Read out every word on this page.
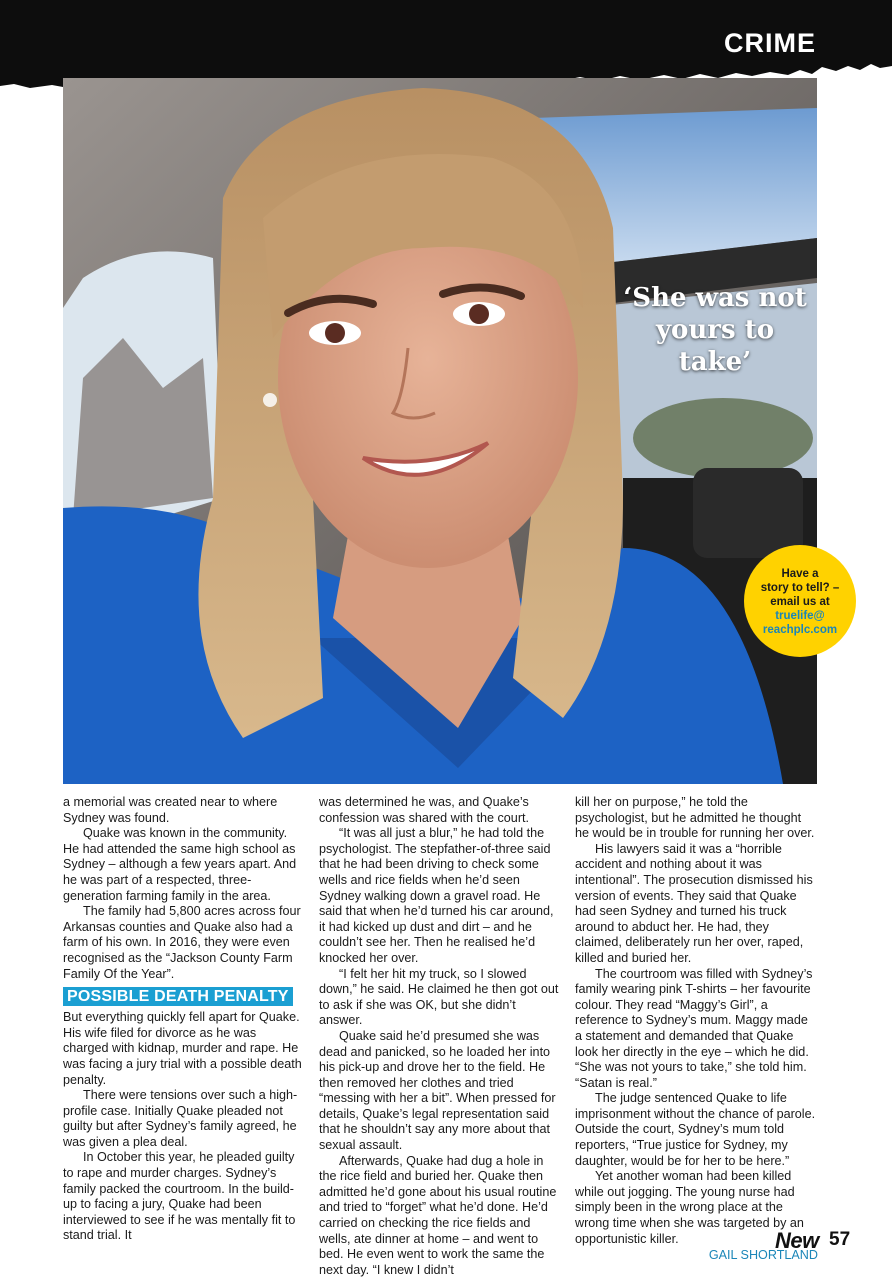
CRIME
‘She was not yours to take’
Have a
story to tell? –
email us at
truelife@
reachplc.com

a memorial was created near to where Sydney was found.

Quake was known in the community. He had attended the same high school as Sydney – although a few years apart. And he was part of a respected, three-generation farming family in the area.

The family had 5,800 acres across four Arkansas counties and Quake also had a farm of his own. In 2016, they were even recognised as the “Jackson County Farm Family Of the Year”.

POSSIBLE DEATH PENALTY

But everything quickly fell apart for Quake. His wife filed for divorce as he was charged with kidnap, murder and rape. He was facing a jury trial with a possible death penalty.

There were tensions over such a high-profile case. Initially Quake pleaded not guilty but after Sydney’s family agreed, he was given a plea deal.

In October this year, he pleaded guilty to rape and murder charges. Sydney’s family packed the courtroom. In the build-up to facing a jury, Quake had been interviewed to see if he was mentally fit to stand trial. It

was determined he was, and Quake’s confession was shared with the court.

“It was all just a blur,” he had told the psychologist. The stepfather-of-three said that he had been driving to check some wells and rice fields when he’d seen Sydney walking down a gravel road. He said that when he’d turned his car around, it had kicked up dust and dirt – and he couldn’t see her. Then he realised he’d knocked her over.

“I felt her hit my truck, so I slowed down,” he said. He claimed he then got out to ask if she was OK, but she didn’t answer.

Quake said he’d presumed she was dead and panicked, so he loaded her into his pick-up and drove her to the field. He then removed her clothes and tried “messing with her a bit”. When pressed for details, Quake’s legal representation said that he shouldn’t say any more about that sexual assault.

Afterwards, Quake had dug a hole in the rice field and buried her. Quake then admitted he’d gone about his usual routine and tried to “forget” what he’d done. He’d carried on checking the rice fields and wells, ate dinner at home – and went to bed. He even went to work the same the next day. “I knew I didn’t

kill her on purpose,” he told the psychologist, but he admitted he thought he would be in trouble for running her over.

His lawyers said it was a “horrible accident and nothing about it was intentional”. The prosecution dismissed his version of events. They said that Quake had seen Sydney and turned his truck around to abduct her. He had, they claimed, deliberately run her over, raped, killed and buried her.

The courtroom was filled with Sydney’s family wearing pink T-shirts – her favourite colour. They read “Maggy’s Girl”, a reference to Sydney’s mum. Maggy made a statement and demanded that Quake look her directly in the eye – which he did. “She was not yours to take,” she told him. “Satan is real.”

The judge sentenced Quake to life imprisonment without the chance of parole. Outside the court, Sydney’s mum told reporters, “True justice for Sydney, my daughter, would be for her to be here.”

Yet another woman had been killed while out jogging. The young nurse had simply been in the wrong place at the wrong time when she was targeted by an opportunistic killer.

GAIL SHORTLAND
New 57
